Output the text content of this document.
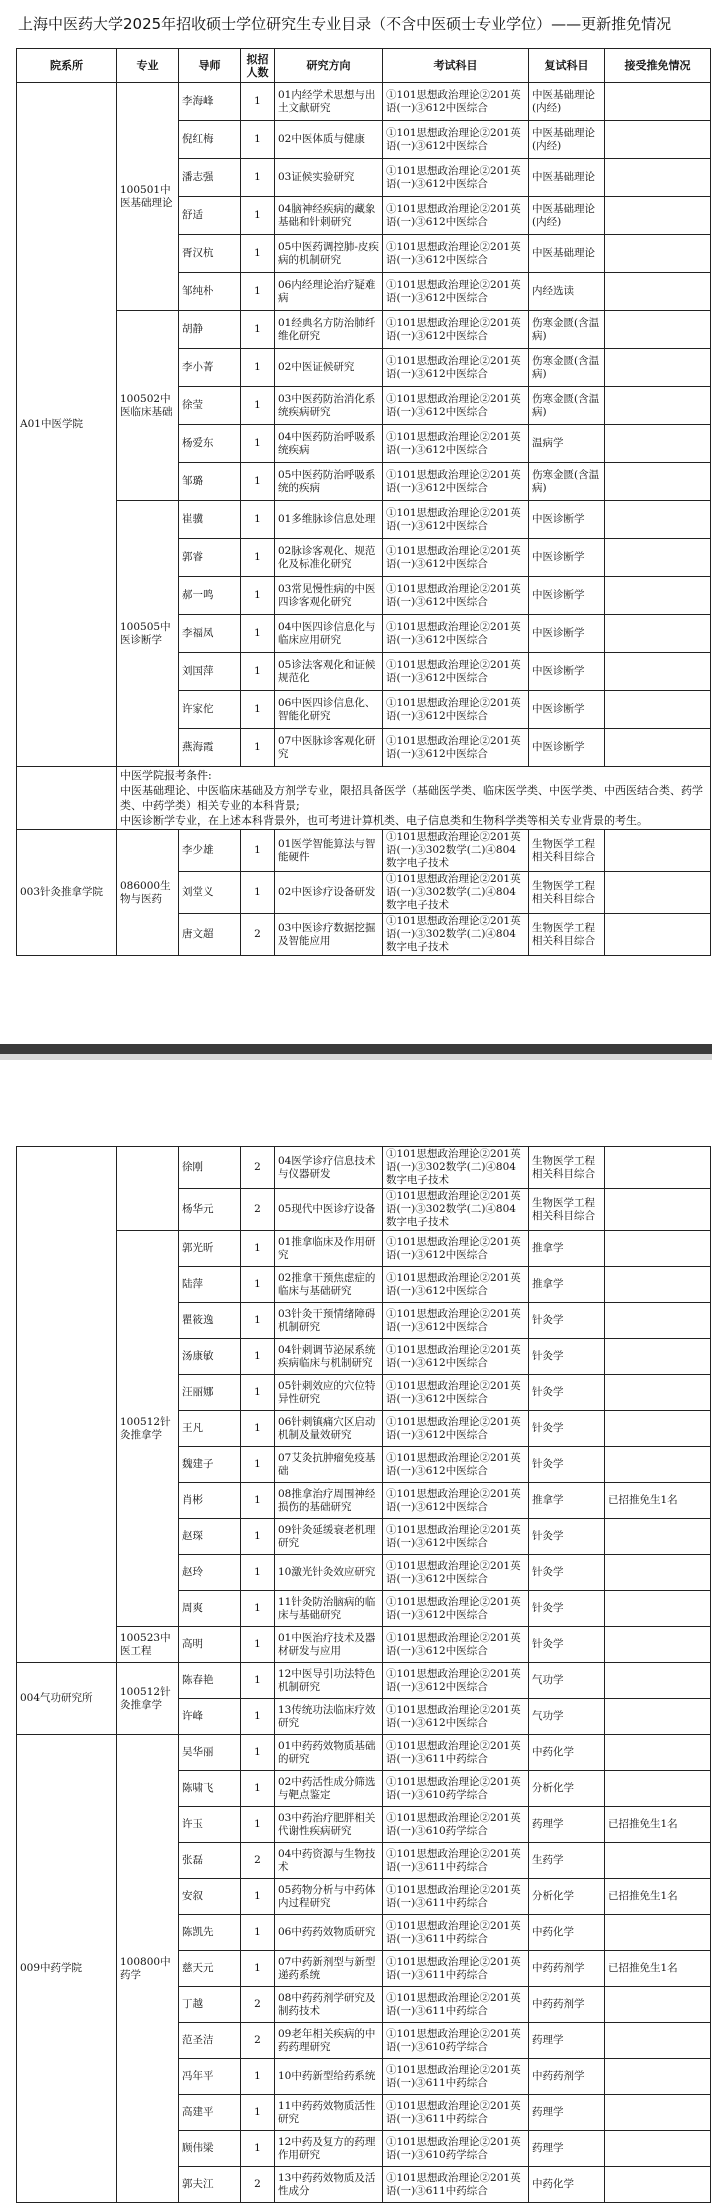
上海中医药大学2025年招收硕士学位研究生专业目录（不含中医硕士专业学位）——更新推免情况
院系所	专业	导师	拟招人数	研究方向	考试科目	复试科目	接受推免情况
A01中医学院	100501中医基础理论	李海峰	1	01内经学术思想与出土文献研究	①101思想政治理论②201英语(一)③612中医综合	中医基础理论(内经)	
		倪红梅	1	02中医体质与健康	①101思想政治理论②201英语(一)③612中医综合	中医基础理论(内经)	
		潘志强	1	03证候实验研究	①101思想政治理论②201英语(一)③612中医综合	中医基础理论	
		舒适	1	04脑神经疾病的藏象基础和针刺研究	①101思想政治理论②201英语(一)③612中医综合	中医基础理论(内经)	
		胥汉杭	1	05中医药调控肺-皮疾病的机制研究	①101思想政治理论②201英语(一)③612中医综合	中医基础理论	
		邹纯朴	1	06内经理论治疗疑难病	①101思想政治理论②201英语(一)③612中医综合	内经选读	
	100502中医临床基础	胡静	1	01经典名方防治肺纤维化研究	①101思想政治理论②201英语(一)③612中医综合	伤寒金匮(含温病)	
		李小菁	1	02中医证候研究	①101思想政治理论②201英语(一)③612中医综合	伤寒金匮(含温病)	
		徐莹	1	03中医药防治消化系统疾病研究	①101思想政治理论②201英语(一)③612中医综合	伤寒金匮(含温病)	
		杨爱东	1	04中医药防治呼吸系统疾病	①101思想政治理论②201英语(一)③612中医综合	温病学	
		邹璐	1	05中医药防治呼吸系统的疾病	①101思想政治理论②201英语(一)③612中医综合	伤寒金匮(含温病)	
	100505中医诊断学	崔骥	1	01多维脉诊信息处理	①101思想政治理论②201英语(一)③612中医综合	中医诊断学	
		郭睿	1	02脉诊客观化、规范化及标准化研究	①101思想政治理论②201英语(一)③612中医综合	中医诊断学	
		郝一鸣	1	03常见慢性病的中医四诊客观化研究	①101思想政治理论②201英语(一)③612中医综合	中医诊断学	
		李福凤	1	04中医四诊信息化与临床应用研究	①101思想政治理论②201英语(一)③612中医综合	中医诊断学	
		刘国萍	1	05诊法客观化和证候规范化	①101思想政治理论②201英语(一)③612中医综合	中医诊断学	
		许家佗	1	06中医四诊信息化、智能化研究	①101思想政治理论②201英语(一)③612中医综合	中医诊断学	
		燕海霞	1	07中医脉诊客观化研究	①101思想政治理论②201英语(一)③612中医综合	中医诊断学	
	中医学院报考条件:
中医基础理论、中医临床基础及方剂学专业，限招具备医学（基础医学类、临床医学类、中医学类、中西医结合类、药学类、中药学类）相关专业的本科背景;
中医诊断学专业，在上述本科背景外，也可考进计算机类、电子信息类和生物科学类等相关专业背景的考生。						
003针灸推拿学院	086000生物与医药	李少雄	1	01医学智能算法与智能硬件	①101思想政治理论②201英语(一)③302数学(二)④804数字电子技术	生物医学工程相关科目综合	
		刘堂义	1	02中医诊疗设备研发	①101思想政治理论②201英语(一)③302数学(二)④804数字电子技术	生物医学工程相关科目综合	
		唐文超	2	03中医诊疗数据挖掘及智能应用	①101思想政治理论②201英语(一)③302数学(二)④804数字电子技术	生物医学工程相关科目综合	
		徐刚	2	04医学诊疗信息技术与仪器研发	①101思想政治理论②201英语(一)③302数学(二)④804数字电子技术	生物医学工程相关科目综合	
		杨华元	2	05现代中医诊疗设备	①101思想政治理论②201英语(一)③302数学(二)④804数字电子技术	生物医学工程相关科目综合	
	100512针灸推拿学	郭光昕	1	01推拿临床及作用研究	①101思想政治理论②201英语(一)③612中医综合	推拿学	
		陆萍	1	02推拿干预焦虑症的临床与基础研究	①101思想政治理论②201英语(一)③612中医综合	推拿学	
		瞿筱逸	1	03针灸干预情绪障碍机制研究	①101思想政治理论②201英语(一)③612中医综合	针灸学	
		汤康敏	1	04针刺调节泌尿系统疾病临床与机制研究	①101思想政治理论②201英语(一)③612中医综合	针灸学	
		汪丽娜	1	05针刺效应的穴位特异性研究	①101思想政治理论②201英语(一)③612中医综合	针灸学	
		王凡	1	06针刺镇痛穴区启动机制及量效研究	①101思想政治理论②201英语(一)③612中医综合	针灸学	
		魏建子	1	07艾灸抗肿瘤免疫基础	①101思想政治理论②201英语(一)③612中医综合	针灸学	
		肖彬	1	08推拿治疗周围神经损伤的基础研究	①101思想政治理论②201英语(一)③612中医综合	推拿学	已招推免生1名
		赵琛	1	09针灸延缓衰老机理研究	①101思想政治理论②201英语(一)③612中医综合	针灸学	
		赵玲	1	10激光针灸效应研究	①101思想政治理论②201英语(一)③612中医综合	针灸学	
		周爽	1	11针灸防治脑病的临床与基础研究	①101思想政治理论②201英语(一)③612中医综合	针灸学	
	100523中医工程	高明	1	01中医治疗技术及器材研发与应用	①101思想政治理论②201英语(一)③612中医综合	针灸学	
004气功研究所	100512针灸推拿学	陈春艳	1	12中医导引功法特色机制研究	①101思想政治理论②201英语(一)③612中医综合	气功学	
		许峰	1	13传统功法临床疗效研究	①101思想政治理论②201英语(一)③612中医综合	气功学	
009中药学院	100800中药学	吴华丽	1	01中药药效物质基础的研究	①101思想政治理论②201英语(一)③611中药综合	中药化学	
		陈啸飞	1	02中药活性成分筛选与靶点鉴定	①101思想政治理论②201英语(一)③610药学综合	分析化学	
		许玉	1	03中药治疗肥胖相关代谢性疾病研究	①101思想政治理论②201英语(一)③610药学综合	药理学	已招推免生1名
		张磊	2	04中药资源与生物技术	①101思想政治理论②201英语(一)③611中药综合	生药学	
		安叙	1	05药物分析与中药体内过程研究	①101思想政治理论②201英语(一)③611中药综合	分析化学	已招推免生1名
		陈凯先	1	06中药药效物质研究	①101思想政治理论②201英语(一)③611中药综合	中药化学	
		慈天元	1	07中药新剂型与新型递药系统	①101思想政治理论②201英语(一)③611中药综合	中药药剂学	已招推免生1名
		丁越	2	08中药药剂学研究及制药技术	①101思想政治理论②201英语(一)③611中药综合	中药药剂学	
		范圣洁	2	09老年相关疾病的中药药理研究	①101思想政治理论②201英语(一)③610药学综合	药理学	
		冯年平	1	10中药新型给药系统	①101思想政治理论②201英语(一)③611中药综合	中药药剂学	
		高建平	1	11中药药效物质活性研究	①101思想政治理论②201英语(一)③611中药综合	药理学	
		顾伟梁	1	12中药及复方的药理作用研究	①101思想政治理论②201英语(一)③610药学综合	药理学	
		郭夫江	2	13中药药效物质及活性成分	①101思想政治理论②201英语(一)③611中药综合	中药化学	
